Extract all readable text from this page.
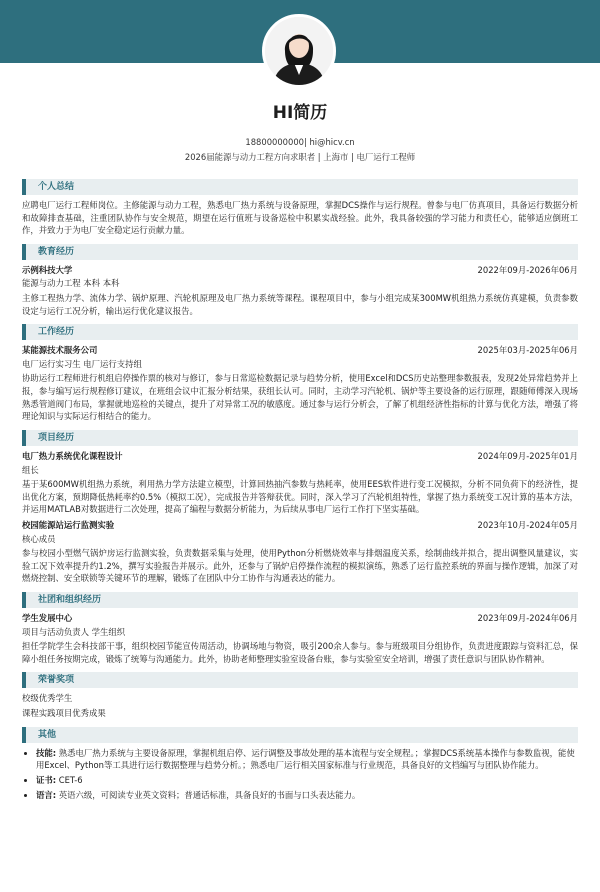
HI简历
18800000000| hi@hicv.cn
2026届能源与动力工程方向求职者 | 上海市 | 电厂运行工程师
个人总结

应聘电厂运行工程师岗位。主修能源与动力工程，熟悉电厂热力系统与设备原理，掌握DCS操作与运行规程。曾参与电厂仿真项目，具备运行数据分析和故障排查基础，注重团队协作与安全规范，期望在运行值班与设备巡检中积累实战经验。此外，我具备较强的学习能力和责任心，能够适应倒班工作，并致力于为电厂安全稳定运行贡献力量。

教育经历
示例科技大学	2022年09月-2026年06月
能源与动力工程 本科 本科

主修工程热力学、流体力学、锅炉原理、汽轮机原理及电厂热力系统等课程。课程项目中，参与小组完成某300MW机组热力系统仿真建模，负责参数设定与运行工况分析，输出运行优化建议报告。

工作经历
某能源技术服务公司	2025年03月-2025年06月
电厂运行实习生 电厂运行支持组

协助运行工程师进行机组启停操作票的核对与修订，参与日常巡检数据记录与趋势分析，使用Excel和DCS历史站整理参数报表，发现2处异常趋势并上报，参与编写运行规程修订建议，在班组会议中汇报分析结果，获组长认可。同时，主动学习汽轮机、锅炉等主要设备的运行原理，跟随师傅深入现场熟悉管道阀门布局，掌握就地巡检的关键点，提升了对异常工况的敏感度。通过参与运行分析会，了解了机组经济性指标的计算与优化方法，增强了将理论知识与实际运行相结合的能力。

项目经历
电厂热力系统优化课程设计	2024年09月-2025年01月
组长

基于某600MW机组热力系统，利用热力学方法建立模型，计算回热抽汽参数与热耗率，使用EES软件进行变工况模拟，分析不同负荷下的经济性，提出优化方案，预期降低热耗率约0.5%（模拟工况），完成报告并答辩获优。同时，深入学习了汽轮机组特性，掌握了热力系统变工况计算的基本方法，并运用MATLAB对数据进行二次处理，提高了编程与数据分析能力，为后续从事电厂运行工作打下坚实基础。

校园能源站运行监测实验	2023年10月-2024年05月
核心成员

参与校园小型燃气锅炉房运行监测实验，负责数据采集与处理，使用Python分析燃烧效率与排烟温度关系，绘制曲线并拟合，提出调整风量建议，实验工况下效率提升约1.2%，撰写实验报告并展示。此外，还参与了锅炉启停操作流程的模拟演练，熟悉了运行监控系统的界面与操作逻辑，加深了对燃烧控制、安全联锁等关键环节的理解，锻炼了在团队中分工协作与沟通表达的能力。

社团和组织经历
学生发展中心	2023年09月-2024年06月
项目与活动负责人 学生组织

担任学院学生会科技部干事，组织校园节能宣传周活动，协调场地与物资，吸引200余人参与。参与班级项目分组协作，负责进度跟踪与资料汇总，保障小组任务按期完成，锻炼了统筹与沟通能力。此外，协助老师整理实验室设备台账，参与实验室安全培训，增强了责任意识与团队协作精神。

荣誉奖项
校级优秀学生
课程实践项目优秀成果
其他
• 技能: 熟悉电厂热力系统与主要设备原理，掌握机组启停、运行调整及事故处理的基本流程与安全规程。；掌握DCS系统基本操作与参数监视，能使用Excel、Python等工具进行运行数据整理与趋势分析。；熟悉电厂运行相关国家标准与行业规范，具备良好的文档编写与团队协作能力。
• 证书: CET-6
• 语言: 英语六级，可阅读专业英文资料；普通话标准，具备良好的书面与口头表达能力。
